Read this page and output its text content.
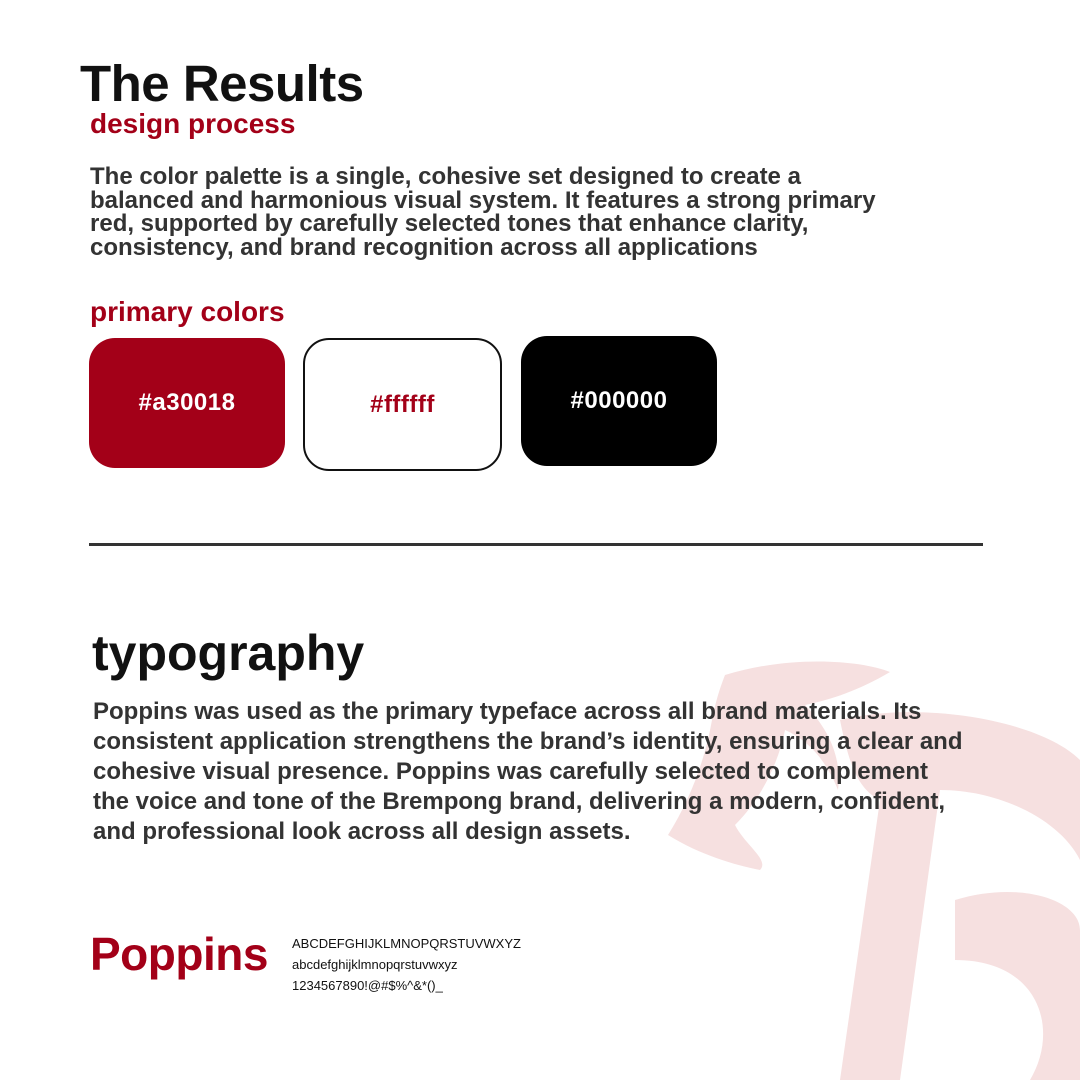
The Results
design process

The color palette is a single, cohesive set designed to create a balanced and harmonious visual system. It features a strong primary red, supported by carefully selected tones that enhance clarity, consistency, and brand recognition across all applications

primary colors
#a30018	#ffffff	#000000
typography

Poppins was used as the primary typeface across all brand materials. Its consistent application strengthens the brand’s identity, ensuring a clear and cohesive visual presence. Poppins was carefully selected to complement the voice and tone of the Brempong brand, delivering a modern, confident, and professional look across all design assets.

Poppins ABCDEFGHIJKLMNOPQRSTUVWXYZ
abcdefghijklmnopqrstuvwxyz
1234567890!@#$%^&*()_
